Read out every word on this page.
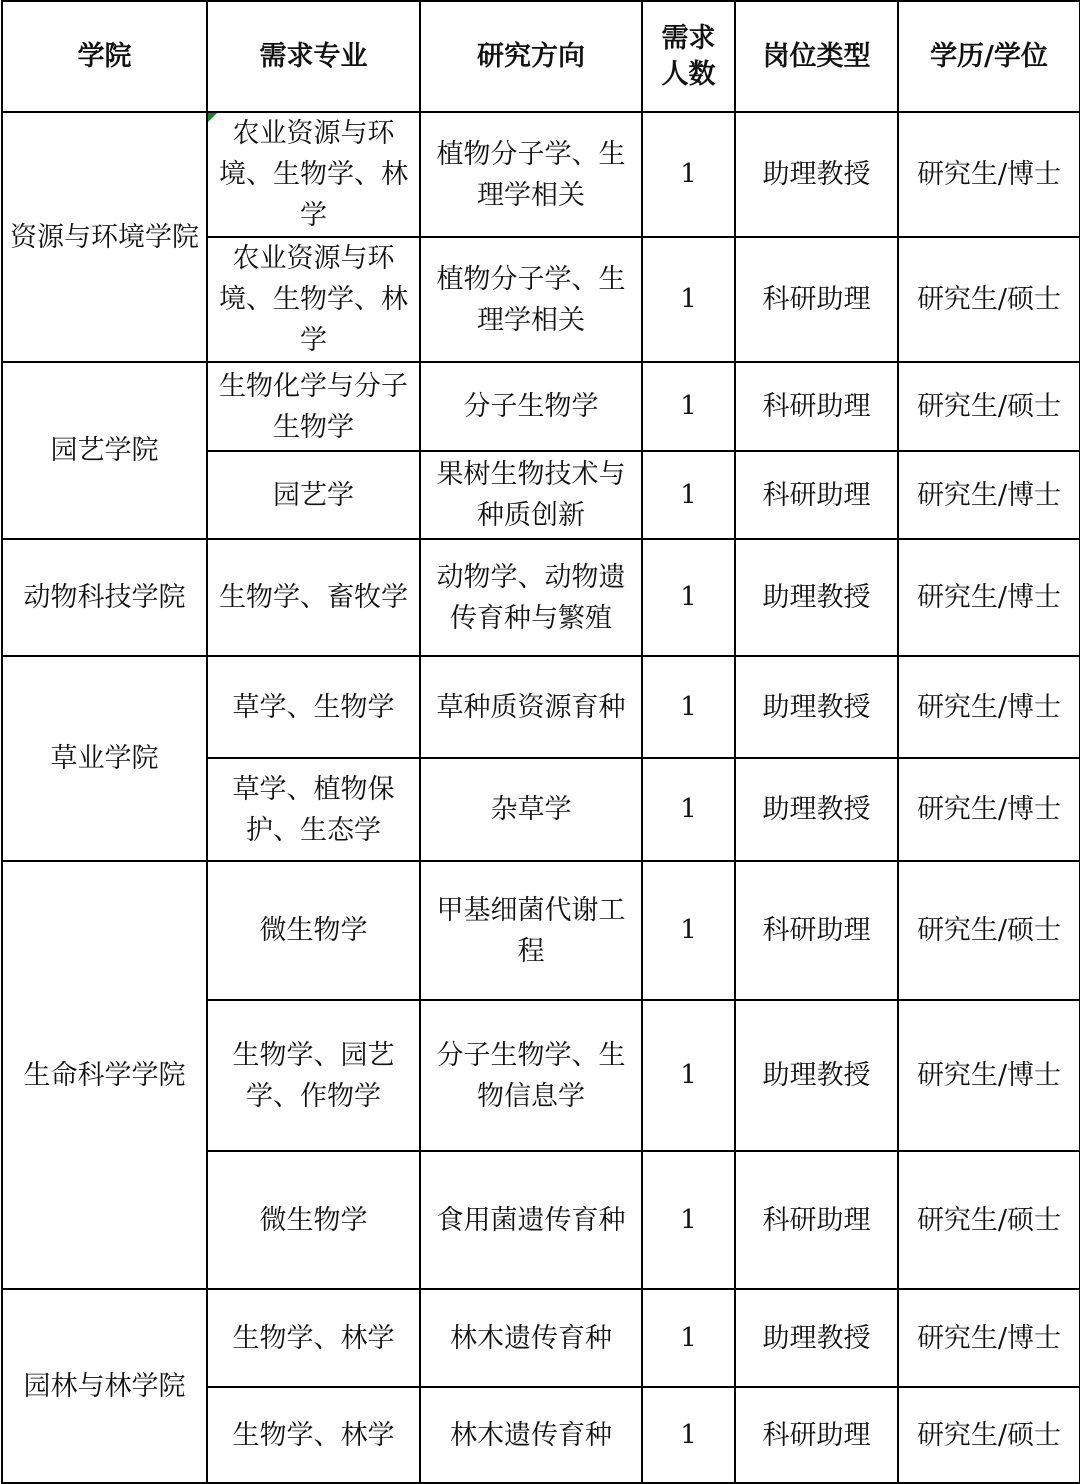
学院	需求专业	研究方向	需求人数	岗位类型	学历/学位
资源与环境学院	农业资源与环境、生物学、林学	植物分子学、生理学相关	1	助理教授	研究生/博士
	农业资源与环境、生物学、林学	植物分子学、生理学相关	1	科研助理	研究生/硕士
园艺学院	生物化学与分子生物学	分子生物学	1	科研助理	研究生/硕士
	园艺学	果树生物技术与种质创新	1	科研助理	研究生/博士
动物科技学院	生物学、畜牧学	动物学、动物遗传育种与繁殖	1	助理教授	研究生/博士
草业学院	草学、生物学	草种质资源育种	1	助理教授	研究生/博士
	草学、植物保护、生态学	杂草学	1	助理教授	研究生/博士
生命科学学院	微生物学	甲基细菌代谢工程	1	科研助理	研究生/硕士
	生物学、园艺学、作物学	分子生物学、生物信息学	1	助理教授	研究生/博士
	微生物学	食用菌遗传育种	1	科研助理	研究生/硕士
园林与林学院	生物学、林学	林木遗传育种	1	助理教授	研究生/博士
	生物学、林学	林木遗传育种	1	科研助理	研究生/硕士
